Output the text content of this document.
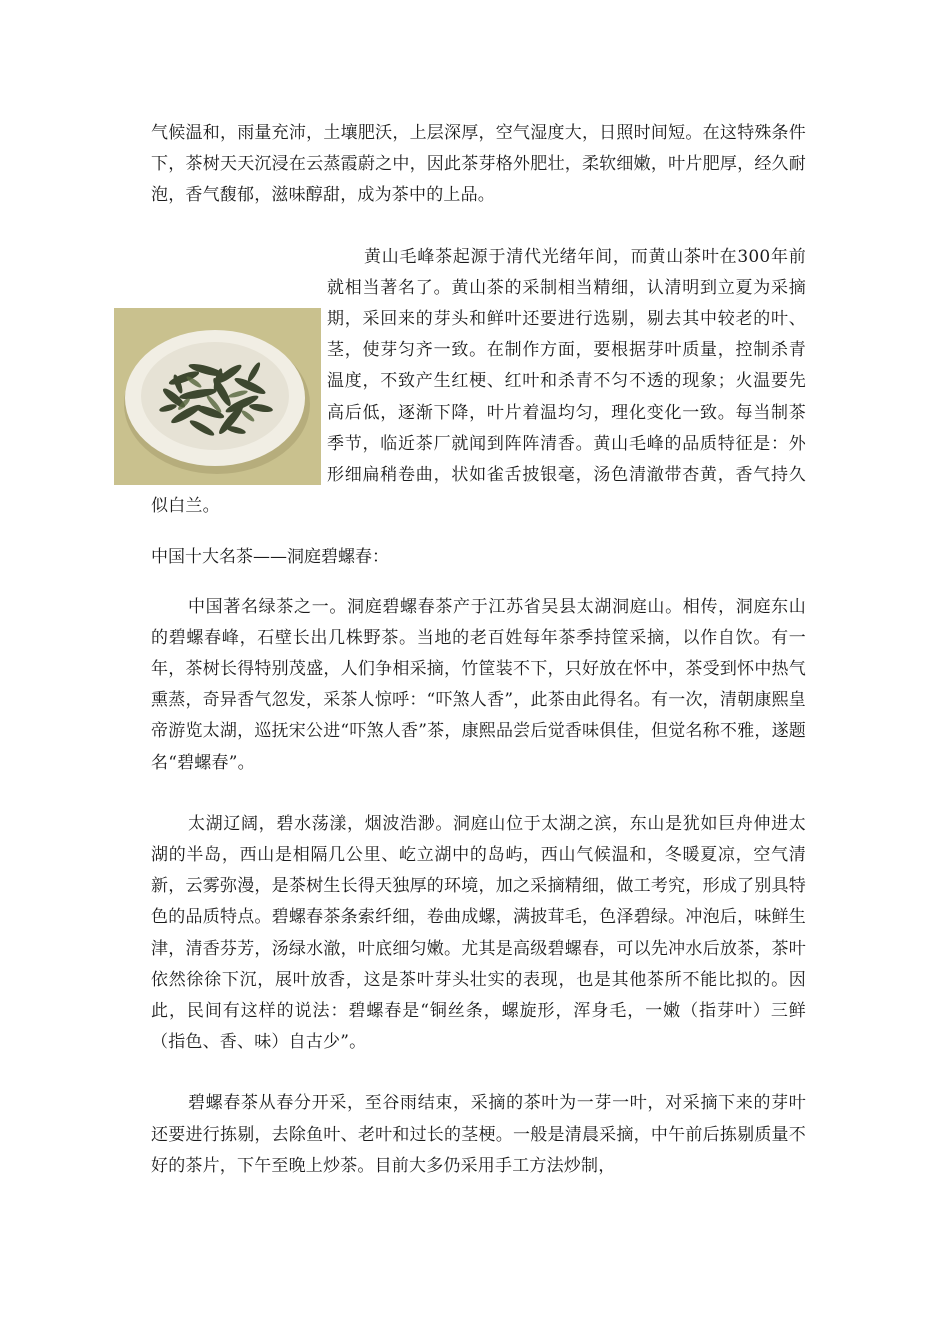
气候温和，雨量充沛，土壤肥沃，上层深厚，空气湿度大，日照时间短。在这特殊条件下，茶树天天沉浸在云蒸霞蔚之中，因此茶芽格外肥壮，柔软细嫩，叶片肥厚，经久耐泡，香气馥郁，滋味醇甜，成为茶中的上品。

黄山毛峰茶起源于清代光绪年间，而黄山茶叶在300年前就相当著名了。黄山茶的采制相当精细，认清明到立夏为采摘期，采回来的芽头和鲜叶还要进行选剔，剔去其中较老的叶、茎，使芽匀齐一致。在制作方面，要根据芽叶质量，控制杀青温度，不致产生红梗、红叶和杀青不匀不透的现象；火温要先高后低，逐渐下降，叶片着温均匀，理化变化一致。每当制茶季节，临近茶厂就闻到阵阵清香。黄山毛峰的品质特征是：外形细扁稍卷曲，状如雀舌披银毫，汤色清澈带杏黄，香气持久似白兰。

中国十大名茶——洞庭碧螺春：

中国著名绿茶之一。洞庭碧螺春茶产于江苏省吴县太湖洞庭山。相传，洞庭东山的碧螺春峰，石壁长出几株野茶。当地的老百姓每年茶季持筐采摘，以作自饮。有一年，茶树长得特别茂盛，人们争相采摘，竹筐装不下，只好放在怀中，茶受到怀中热气熏蒸，奇异香气忽发，采茶人惊呼：“吓煞人香”，此茶由此得名。有一次，清朝康熙皇帝游览太湖，巡抚宋公进“吓煞人香”茶，康熙品尝后觉香味俱佳，但觉名称不雅，遂题名“碧螺春”。

太湖辽阔，碧水荡漾，烟波浩渺。洞庭山位于太湖之滨，东山是犹如巨舟伸进太湖的半岛，西山是相隔几公里、屹立湖中的岛屿，西山气候温和，冬暖夏凉，空气清新，云雾弥漫，是茶树生长得天独厚的环境，加之采摘精细，做工考究，形成了别具特色的品质特点。碧螺春茶条索纤细，卷曲成螺，满披茸毛，色泽碧绿。冲泡后，味鲜生津，清香芬芳，汤绿水澈，叶底细匀嫩。尤其是高级碧螺春，可以先冲水后放茶，茶叶依然徐徐下沉，展叶放香，这是茶叶芽头壮实的表现，也是其他茶所不能比拟的。因此，民间有这样的说法：碧螺春是“铜丝条，螺旋形，浑身毛，一嫩（指芽叶）三鲜（指色、香、味）自古少”。

碧螺春茶从春分开采，至谷雨结束，采摘的茶叶为一芽一叶，对采摘下来的芽叶还要进行拣剔，去除鱼叶、老叶和过长的茎梗。一般是清晨采摘，中午前后拣剔质量不好的茶片，下午至晚上炒茶。目前大多仍采用手工方法炒制，
